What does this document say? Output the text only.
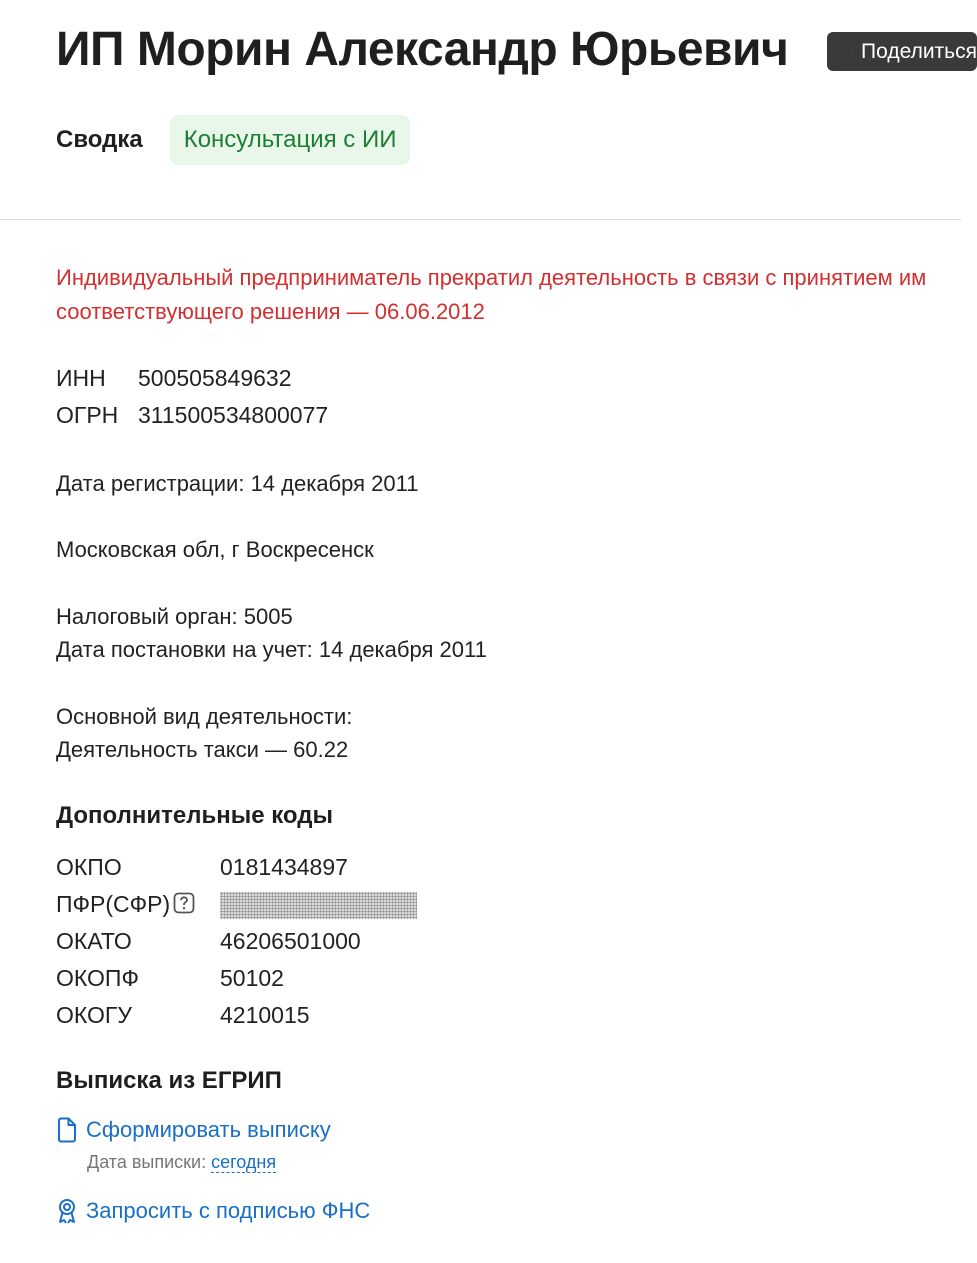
ИП Морин Александр Юрьевич	Поделиться
Сводка	Консультация с ИИ

Индивидуальный предприниматель прекратил деятельность в связи с принятием им соответствующего решения — 06.06.2012

ИНН	500505849632
ОГРН	311500534800077
Дата регистрации: 14 декабря 2011
Московская обл, г Воскресенск
Налоговый орган: 5005
Дата постановки на учет: 14 декабря 2011
Основной вид деятельности:
Деятельность такси — 60.22
Дополнительные коды
ОКПО	0181434897
ПФР(СФР)	
ОКАТО	46206501000
ОКОПФ	50102
ОКОГУ	4210015
Выписка из ЕГРИП
Сформировать выписку
Дата выписки: сегодня
Запросить с подписью ФНС
